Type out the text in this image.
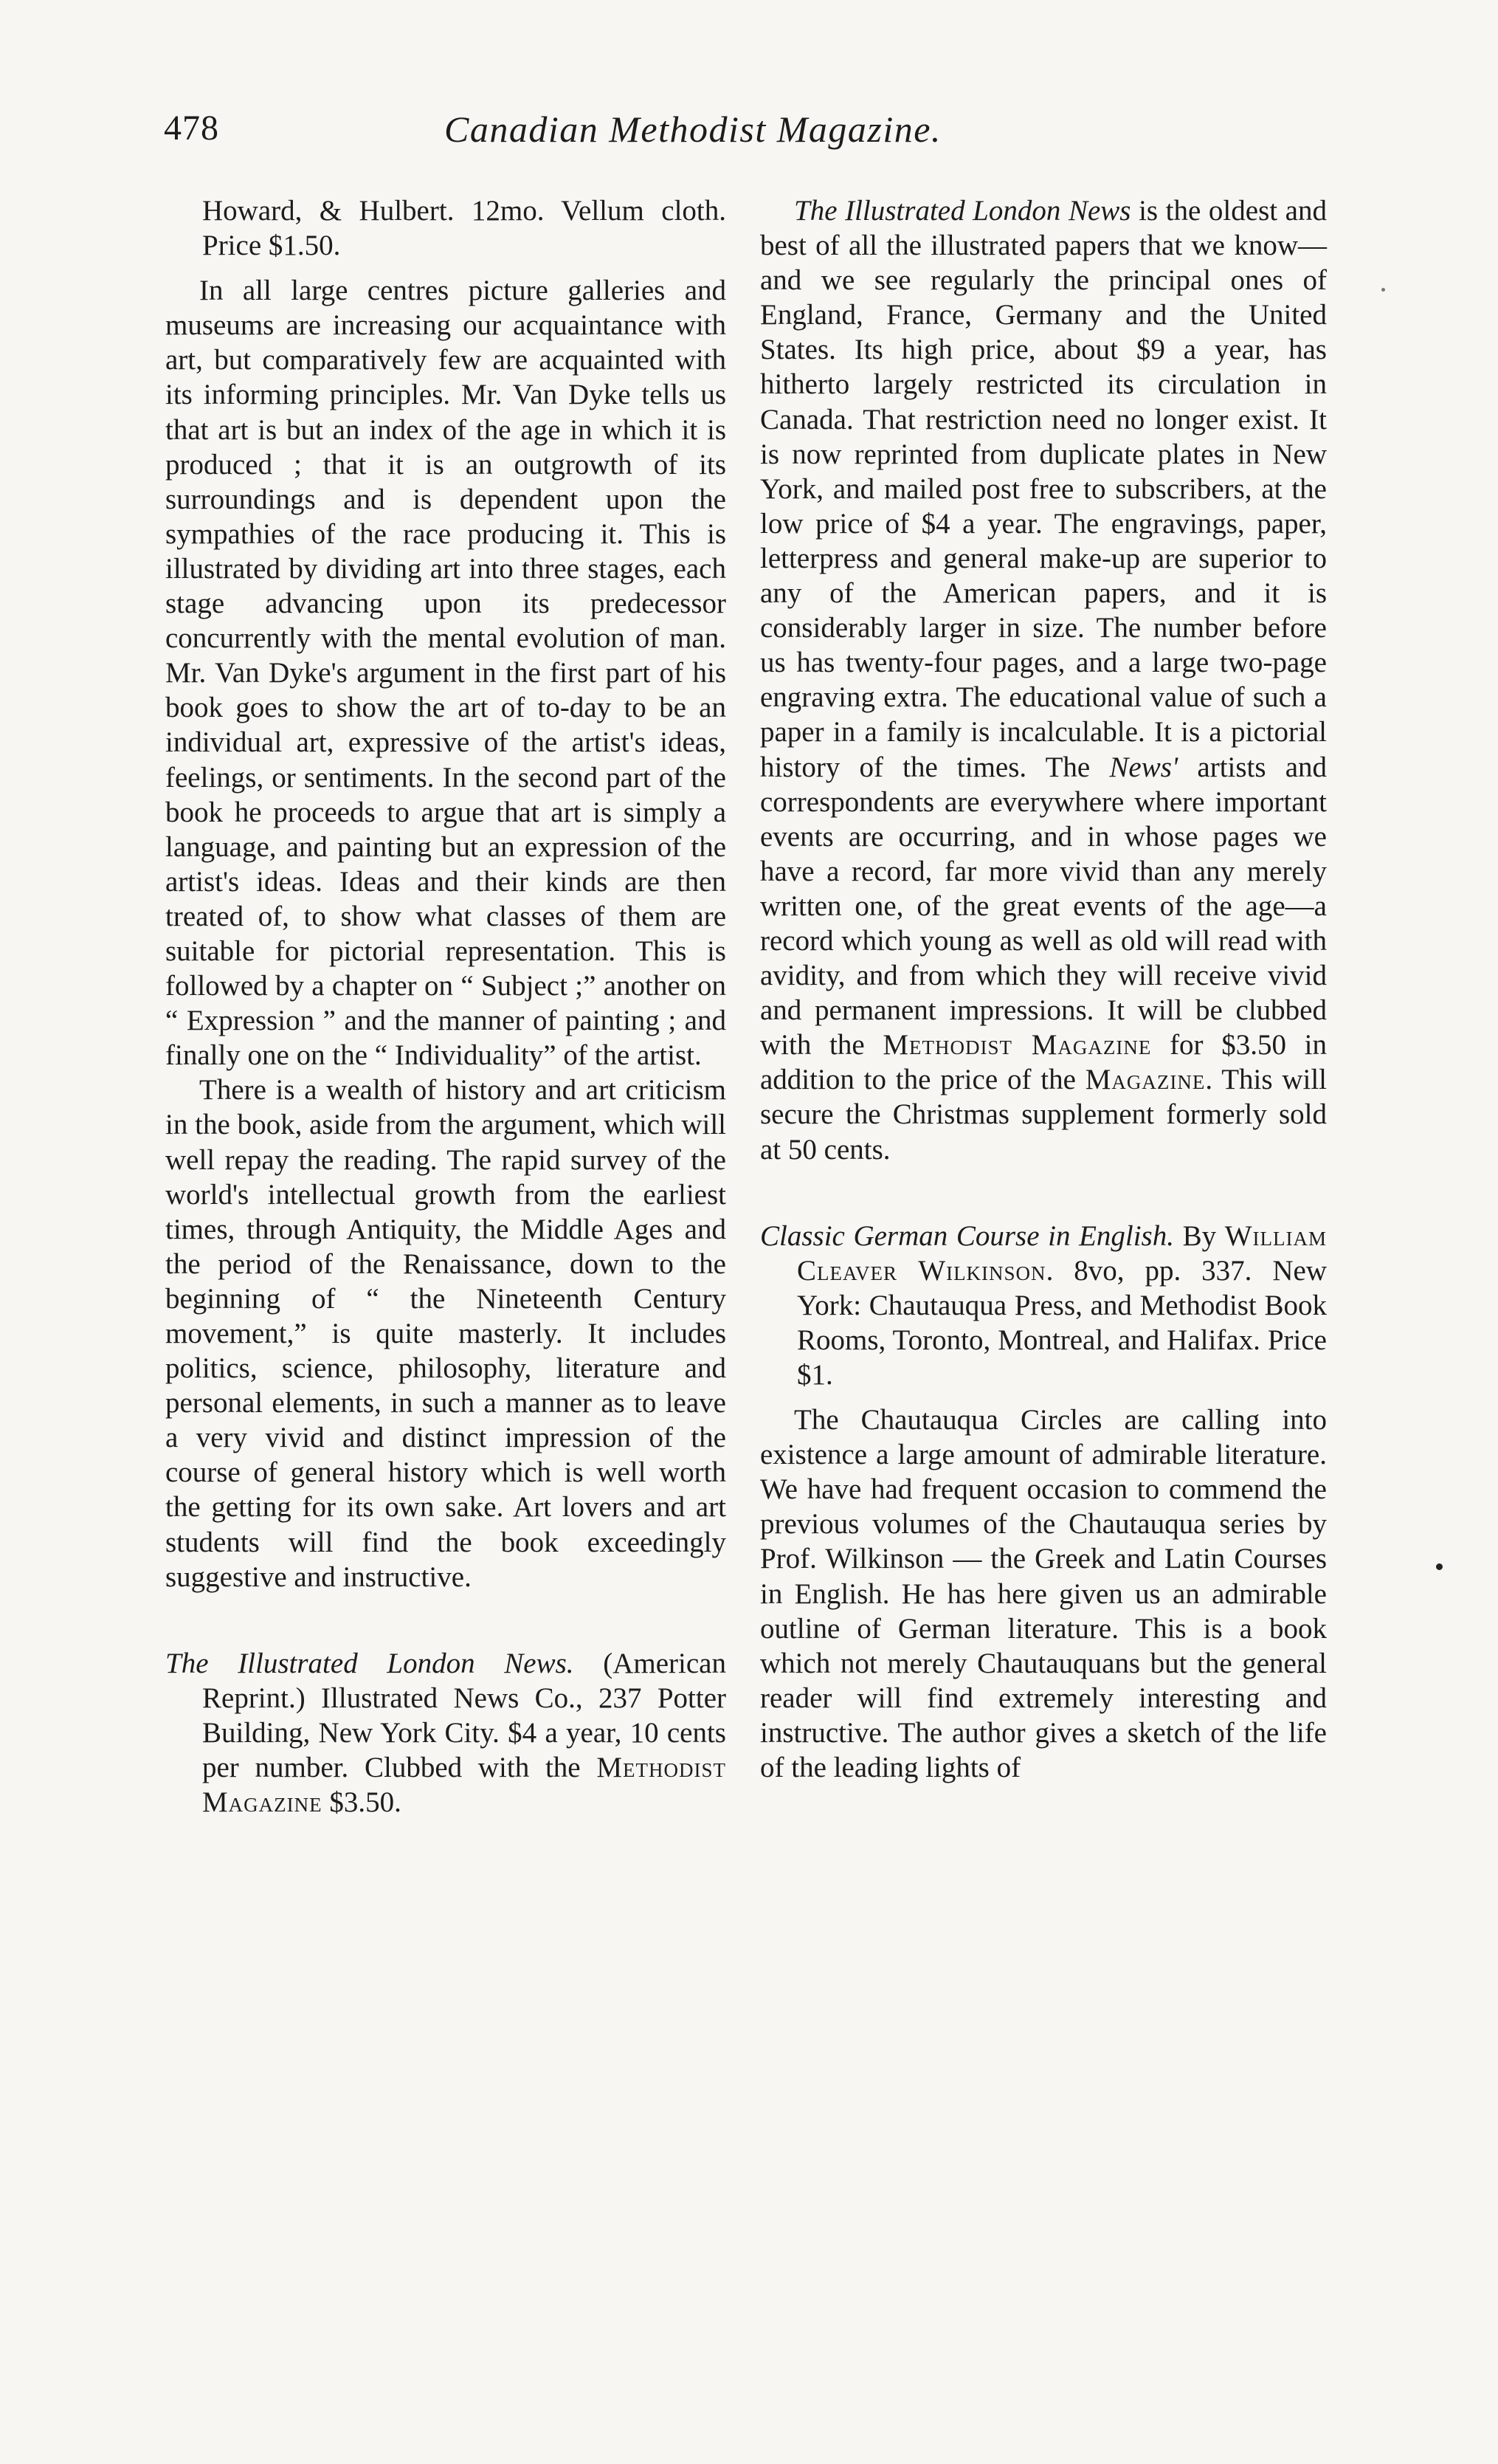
478	Canadian Methodist Magazine.

Howard, & Hulbert. 12mo. Vellum cloth. Price $1.50.

In all large centres picture galleries and museums are increasing our acquaintance with art, but comparatively few are acquainted with its informing principles. Mr. Van Dyke tells us that art is but an index of the age in which it is produced ; that it is an outgrowth of its surroundings and is dependent upon the sympathies of the race producing it. This is illustrated by dividing art into three stages, each stage advancing upon its predecessor concurrently with the mental evolution of man. Mr. Van Dyke's argument in the first part of his book goes to show the art of to-day to be an individual art, expressive of the artist's ideas, feelings, or sentiments. In the second part of the book he proceeds to argue that art is simply a language, and painting but an expression of the artist's ideas. Ideas and their kinds are then treated of, to show what classes of them are suitable for pictorial representation. This is followed by a chapter on “ Subject ;” another on “ Expression ” and the manner of painting ; and finally one on the “ Individuality” of the artist.

There is a wealth of history and art criticism in the book, aside from the argument, which will well repay the reading. The rapid survey of the world's intellectual growth from the earliest times, through Antiquity, the Middle Ages and the period of the Renaissance, down to the beginning of “ the Nineteenth Century movement,” is quite masterly. It includes politics, science, philosophy, literature and personal elements, in such a manner as to leave a very vivid and distinct impression of the course of general history which is well worth the getting for its own sake. Art lovers and art students will find the book exceedingly suggestive and instructive.

The Illustrated London News. (American Reprint.) Illustrated News Co., 237 Potter Building, New York City. $4 a year, 10 cents per number. Clubbed with the Methodist Magazine $3.50.

The Illustrated London News is the oldest and best of all the illustrated papers that we know—and we see regularly the principal ones of England, France, Germany and the United States. Its high price, about $9 a year, has hitherto largely restricted its circulation in Canada. That restriction need no longer exist. It is now reprinted from duplicate plates in New York, and mailed post free to subscribers, at the low price of $4 a year. The engravings, paper, letterpress and general make-up are superior to any of the American papers, and it is considerably larger in size. The number before us has twenty-four pages, and a large two-page engraving extra. The educational value of such a paper in a family is incalculable. It is a pictorial history of the times. The News' artists and correspondents are everywhere where important events are occurring, and in whose pages we have a record, far more vivid than any merely written one, of the great events of the age—a record which young as well as old will read with avidity, and from which they will receive vivid and permanent impressions. It will be clubbed with the Methodist Magazine for $3.50 in addition to the price of the Magazine. This will secure the Christmas supplement formerly sold at 50 cents.

Classic German Course in English. By William Cleaver Wilkinson. 8vo, pp. 337. New York: Chautauqua Press, and Methodist Book Rooms, Toronto, Montreal, and Halifax. Price $1.

The Chautauqua Circles are calling into existence a large amount of admirable literature. We have had frequent occasion to commend the previous volumes of the Chautauqua series by Prof. Wilkinson — the Greek and Latin Courses in English. He has here given us an admirable outline of German literature. This is a book which not merely Chautauquans but the general reader will find extremely interesting and instructive. The author gives a sketch of the life of the leading lights of
